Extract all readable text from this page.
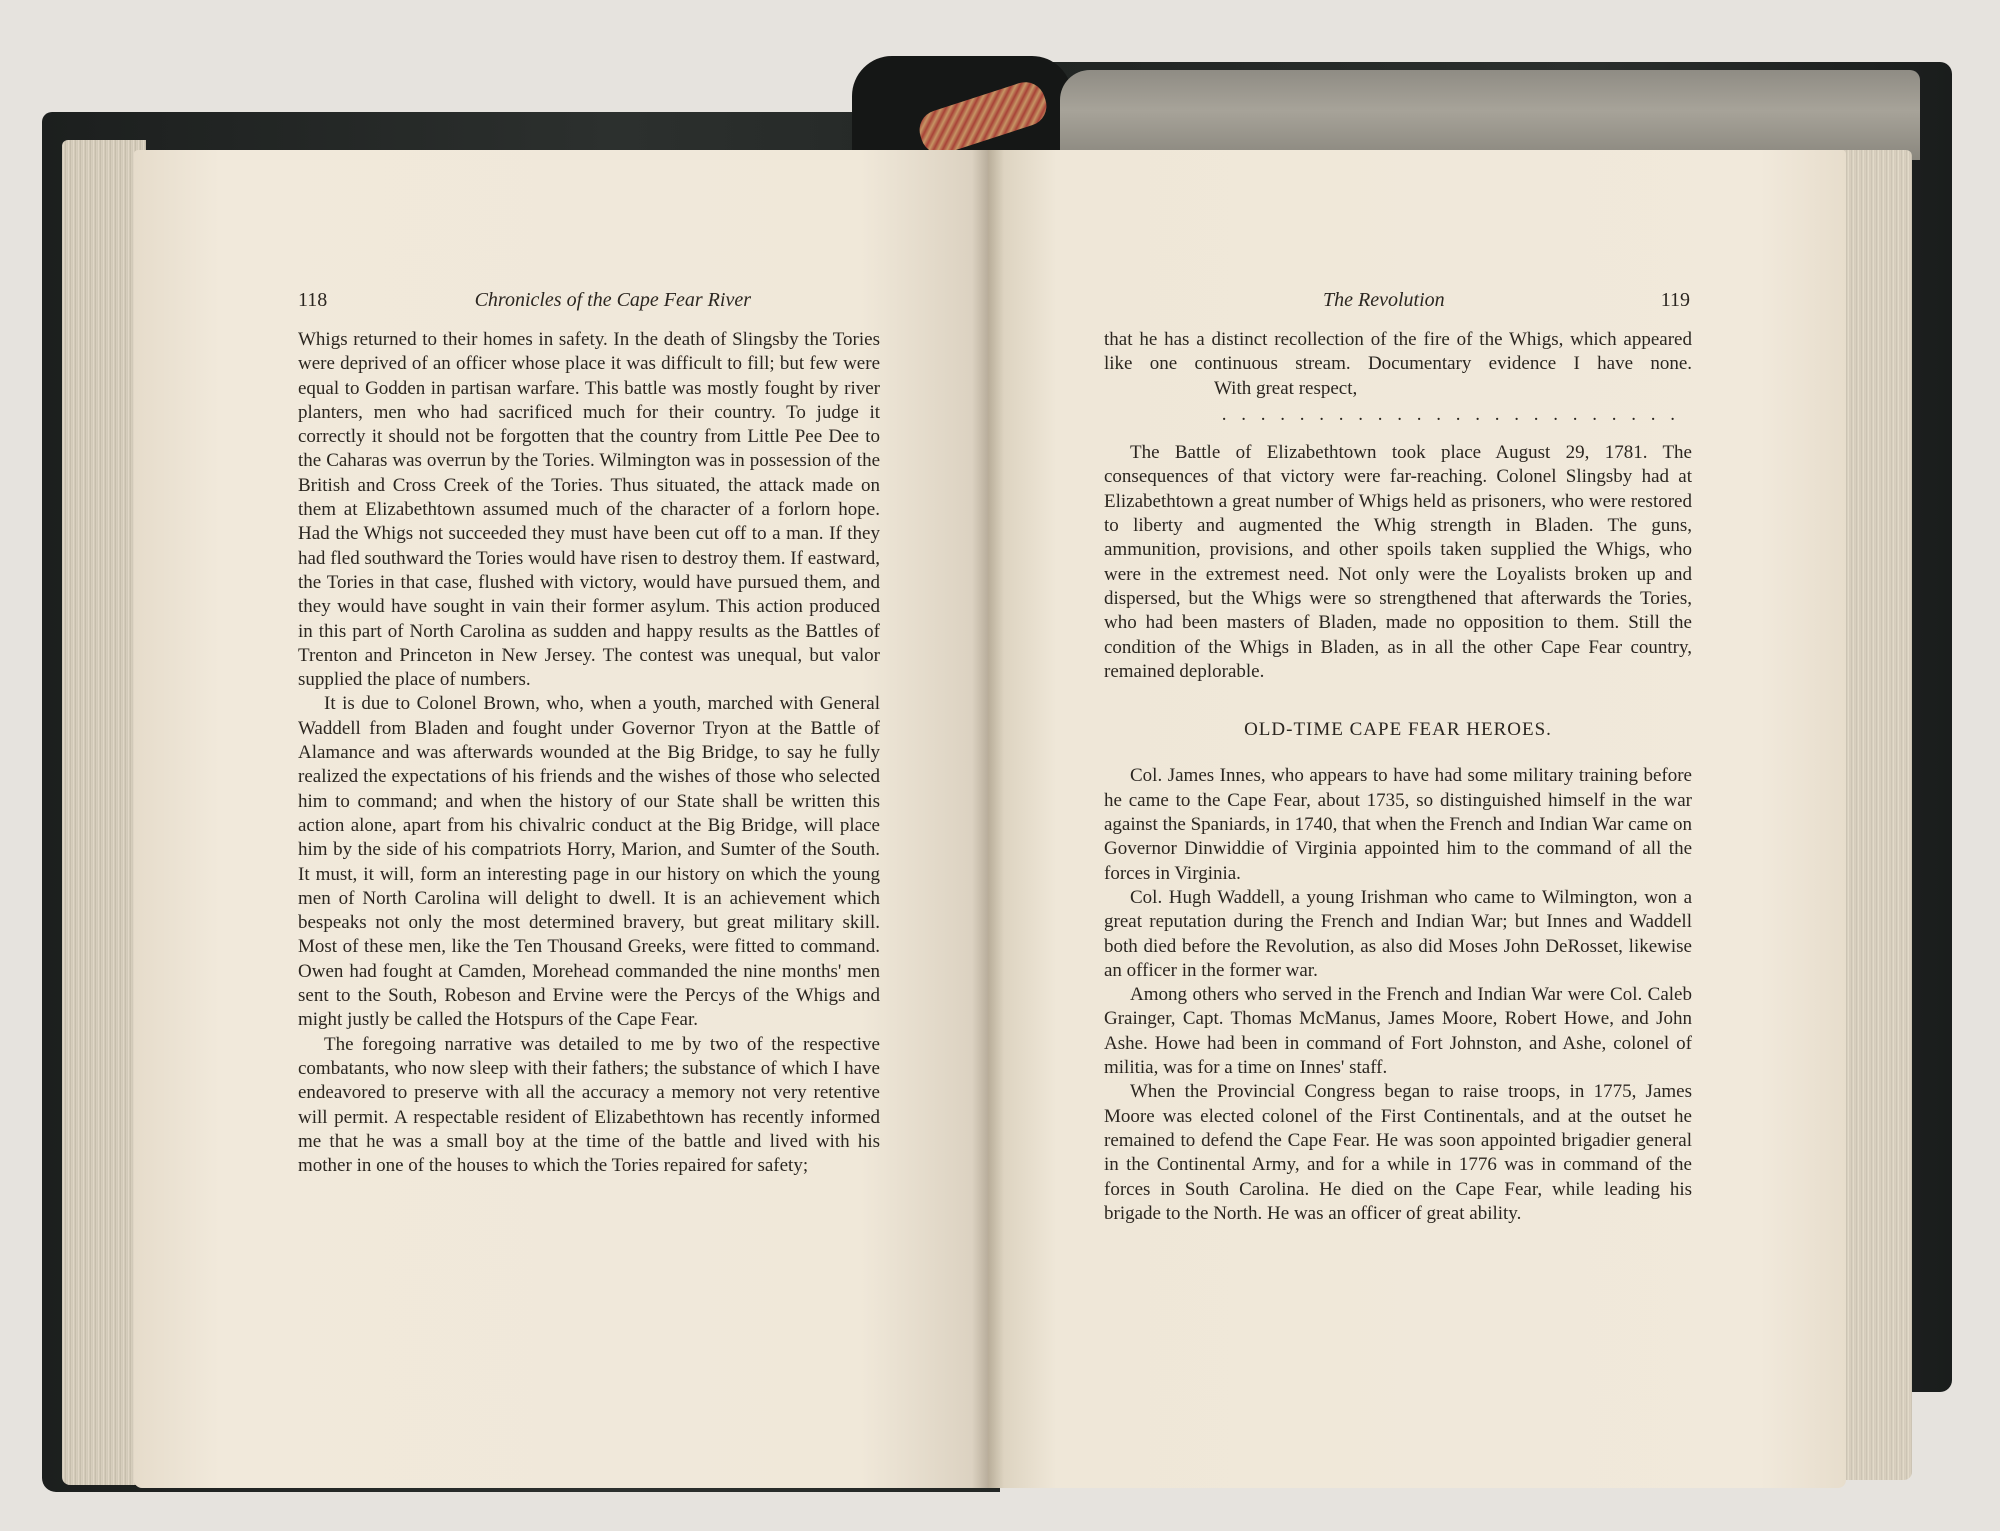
118	Chronicles of the Cape Fear River	The Revolution	119

Whigs returned to their homes in safety. In the death of Slingsby the Tories were deprived of an officer whose place it was difficult to fill; but few were equal to Godden in partisan warfare. This battle was mostly fought by river planters, men who had sacrificed much for their country. To judge it correctly it should not be forgotten that the country from Little Pee Dee to the Caharas was overrun by the Tories. Wilmington was in possession of the British and Cross Creek of the Tories. Thus situated, the attack made on them at Elizabethtown assumed much of the character of a forlorn hope. Had the Whigs not succeeded they must have been cut off to a man. If they had fled southward the Tories would have risen to destroy them. If eastward, the Tories in that case, flushed with victory, would have pursued them, and they would have sought in vain their former asylum. This action produced in this part of North Carolina as sudden and happy results as the Battles of Trenton and Princeton in New Jersey. The contest was unequal, but valor supplied the place of numbers.

It is due to Colonel Brown, who, when a youth, marched with General Waddell from Bladen and fought under Governor Tryon at the Battle of Alamance and was afterwards wounded at the Big Bridge, to say he fully realized the expectations of his friends and the wishes of those who selected him to command; and when the history of our State shall be written this action alone, apart from his chivalric conduct at the Big Bridge, will place him by the side of his compatriots Horry, Marion, and Sumter of the South. It must, it will, form an interesting page in our history on which the young men of North Carolina will delight to dwell. It is an achievement which bespeaks not only the most determined bravery, but great military skill. Most of these men, like the Ten Thousand Greeks, were fitted to command. Owen had fought at Camden, Morehead commanded the nine months' men sent to the South, Robeson and Ervine were the Percys of the Whigs and might justly be called the Hotspurs of the Cape Fear.

The foregoing narrative was detailed to me by two of the respective combatants, who now sleep with their fathers; the substance of which I have endeavored to preserve with all the accuracy a memory not very retentive will permit. A respectable resident of Elizabethtown has recently informed me that he was a small boy at the time of the battle and lived with his mother in one of the houses to which the Tories repaired for safety;

that he has a distinct recollection of the fire of the Whigs, which appeared like one continuous stream. Documentary evidence I have none.With great respect,

. . . . . . . . . . . . . . . . . . . . . . . .

The Battle of Elizabethtown took place August 29, 1781. The consequences of that victory were far-reaching. Colonel Slingsby had at Elizabethtown a great number of Whigs held as prisoners, who were restored to liberty and augmented the Whig strength in Bladen. The guns, ammunition, provisions, and other spoils taken supplied the Whigs, who were in the extremest need. Not only were the Loyalists broken up and dispersed, but the Whigs were so strengthened that afterwards the Tories, who had been masters of Bladen, made no opposition to them. Still the condition of the Whigs in Bladen, as in all the other Cape Fear country, remained deplorable.

OLD-TIME CAPE FEAR HEROES.

Col. James Innes, who appears to have had some military training before he came to the Cape Fear, about 1735, so distinguished himself in the war against the Spaniards, in 1740, that when the French and Indian War came on Governor Dinwiddie of Virginia appointed him to the command of all the forces in Virginia.

Col. Hugh Waddell, a young Irishman who came to Wilmington, won a great reputation during the French and Indian War; but Innes and Waddell both died before the Revolution, as also did Moses John DeRosset, likewise an officer in the former war.

Among others who served in the French and Indian War were Col. Caleb Grainger, Capt. Thomas McManus, James Moore, Robert Howe, and John Ashe. Howe had been in command of Fort Johnston, and Ashe, colonel of militia, was for a time on Innes' staff.

When the Provincial Congress began to raise troops, in 1775, James Moore was elected colonel of the First Continentals, and at the outset he remained to defend the Cape Fear. He was soon appointed brigadier general in the Continental Army, and for a while in 1776 was in command of the forces in South Carolina. He died on the Cape Fear, while leading his brigade to the North. He was an officer of great ability.
